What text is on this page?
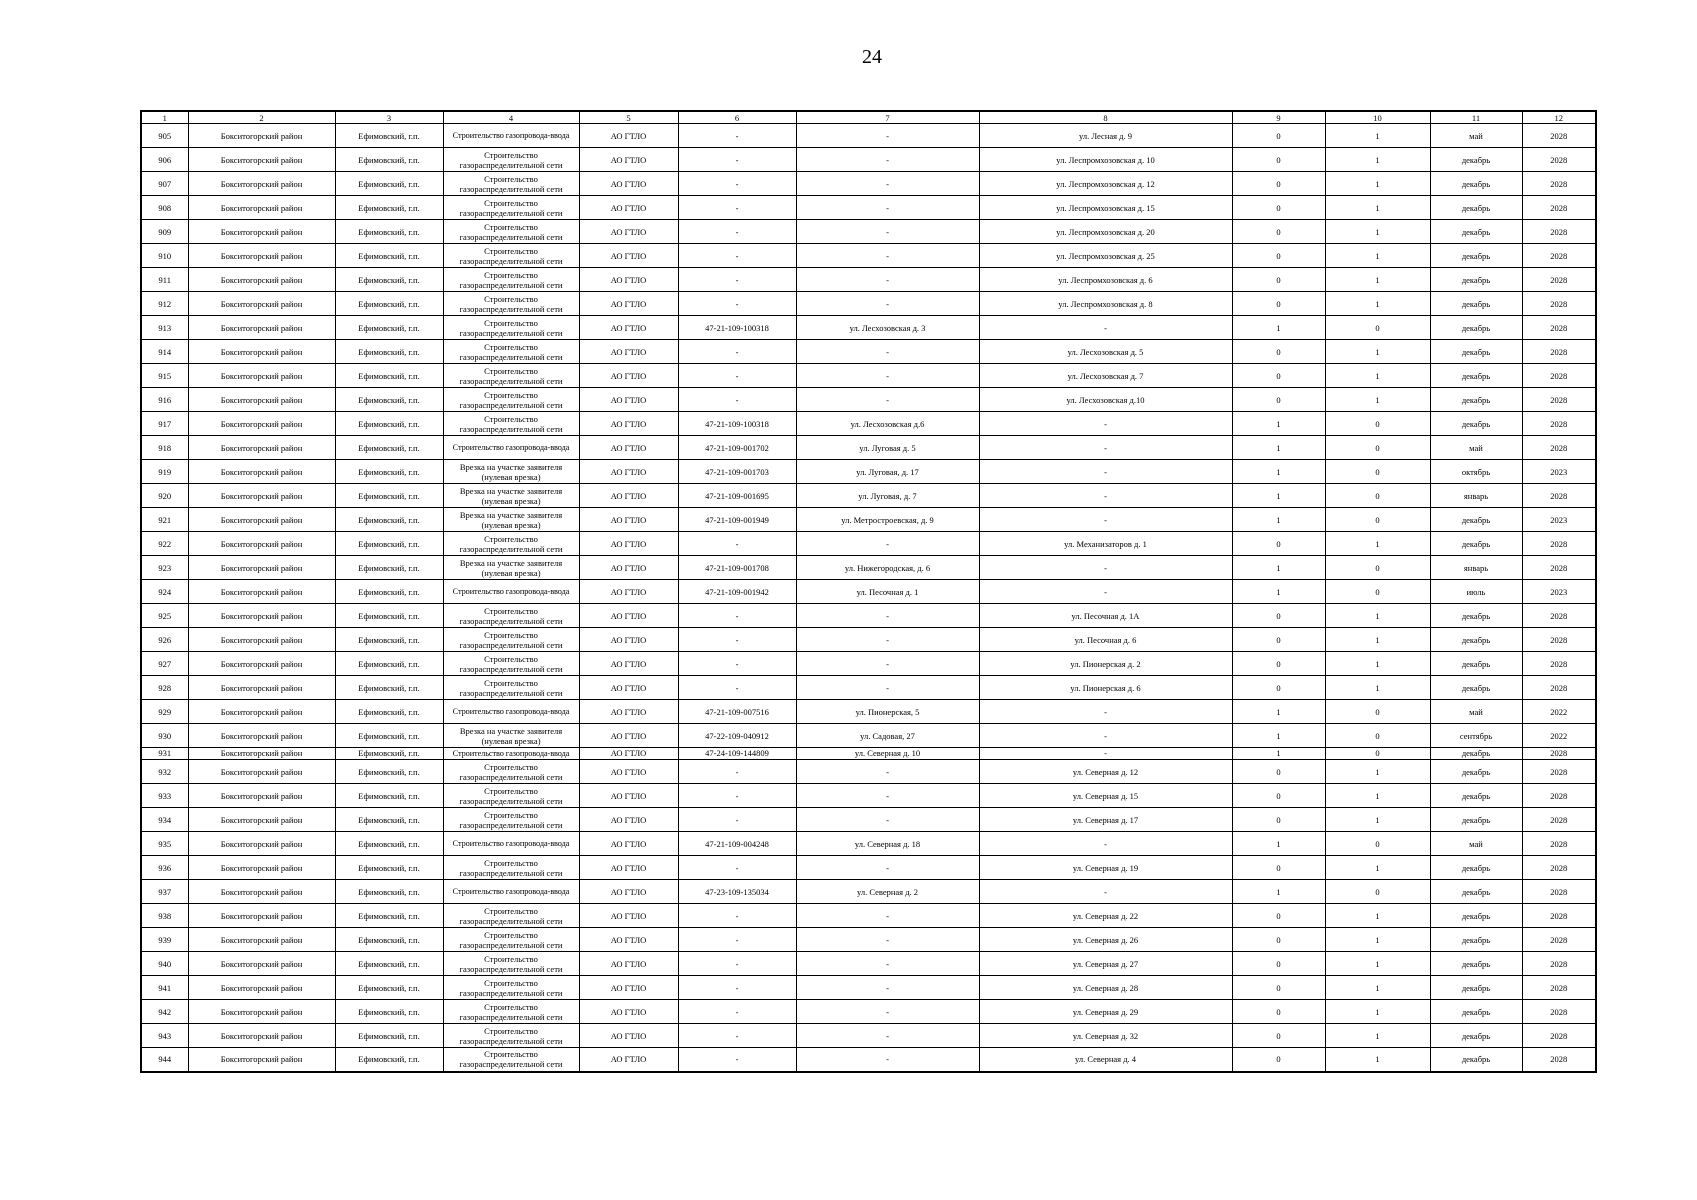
24
1	2	3	4	5	6	7	8	9	10	11	12
905	Бокситогорский район	Ефимовский, г.п.	Строительство газопровода-ввода	АО ГТЛО	-	-	ул. Лесная д. 9	0	1	май	2028
906	Бокситогорский район	Ефимовский, г.п.	Строительство газораспределительной сети	АО ГТЛО	-	-	ул. Леспромхозовская д. 10	0	1	декабрь	2028
907	Бокситогорский район	Ефимовский, г.п.	Строительство газораспределительной сети	АО ГТЛО	-	-	ул. Леспромхозовская д. 12	0	1	декабрь	2028
908	Бокситогорский район	Ефимовский, г.п.	Строительство газораспределительной сети	АО ГТЛО	-	-	ул. Леспромхозовская д. 15	0	1	декабрь	2028
909	Бокситогорский район	Ефимовский, г.п.	Строительство газораспределительной сети	АО ГТЛО	-	-	ул. Леспромхозовская д. 20	0	1	декабрь	2028
910	Бокситогорский район	Ефимовский, г.п.	Строительство газораспределительной сети	АО ГТЛО	-	-	ул. Леспромхозовская д. 25	0	1	декабрь	2028
911	Бокситогорский район	Ефимовский, г.п.	Строительство газораспределительной сети	АО ГТЛО	-	-	ул. Леспромхозовская д. 6	0	1	декабрь	2028
912	Бокситогорский район	Ефимовский, г.п.	Строительство газораспределительной сети	АО ГТЛО	-	-	ул. Леспромхозовская д. 8	0	1	декабрь	2028
913	Бокситогорский район	Ефимовский, г.п.	Строительство газораспределительной сети	АО ГТЛО	47-21-109-100318	ул. Лесхозовская д. 3	-	1	0	декабрь	2028
914	Бокситогорский район	Ефимовский, г.п.	Строительство газораспределительной сети	АО ГТЛО	-	-	ул. Лесхозовская д. 5	0	1	декабрь	2028
915	Бокситогорский район	Ефимовский, г.п.	Строительство газораспределительной сети	АО ГТЛО	-	-	ул. Лесхозовская д. 7	0	1	декабрь	2028
916	Бокситогорский район	Ефимовский, г.п.	Строительство газораспределительной сети	АО ГТЛО	-	-	ул. Лесхозовская д.10	0	1	декабрь	2028
917	Бокситогорский район	Ефимовский, г.п.	Строительство газораспределительной сети	АО ГТЛО	47-21-109-100318	ул. Лесхозовская д.6	-	1	0	декабрь	2028
918	Бокситогорский район	Ефимовский, г.п.	Строительство газопровода-ввода	АО ГТЛО	47-21-109-001702	ул. Луговая д. 5	-	1	0	май	2028
919	Бокситогорский район	Ефимовский, г.п.	Врезка на участке заявителя (нулевая врезка)	АО ГТЛО	47-21-109-001703	ул. Луговая, д. 17	-	1	0	октябрь	2023
920	Бокситогорский район	Ефимовский, г.п.	Врезка на участке заявителя (нулевая врезка)	АО ГТЛО	47-21-109-001695	ул. Луговая, д. 7	-	1	0	январь	2028
921	Бокситогорский район	Ефимовский, г.п.	Врезка на участке заявителя (нулевая врезка)	АО ГТЛО	47-21-109-001949	ул. Метростроевская, д. 9	-	1	0	декабрь	2023
922	Бокситогорский район	Ефимовский, г.п.	Строительство газораспределительной сети	АО ГТЛО	-	-	ул. Механизаторов д. 1	0	1	декабрь	2028
923	Бокситогорский район	Ефимовский, г.п.	Врезка на участке заявителя (нулевая врезка)	АО ГТЛО	47-21-109-001708	ул. Нижегородская, д. 6	-	1	0	январь	2028
924	Бокситогорский район	Ефимовский, г.п.	Строительство газопровода-ввода	АО ГТЛО	47-21-109-001942	ул. Песочная д. 1	-	1	0	июль	2023
925	Бокситогорский район	Ефимовский, г.п.	Строительство газораспределительной сети	АО ГТЛО	-	-	ул. Песочная д. 1А	0	1	декабрь	2028
926	Бокситогорский район	Ефимовский, г.п.	Строительство газораспределительной сети	АО ГТЛО	-	-	ул. Песочная д. 6	0	1	декабрь	2028
927	Бокситогорский район	Ефимовский, г.п.	Строительство газораспределительной сети	АО ГТЛО	-	-	ул. Пионерская д. 2	0	1	декабрь	2028
928	Бокситогорский район	Ефимовский, г.п.	Строительство газораспределительной сети	АО ГТЛО	-	-	ул. Пионерская д. 6	0	1	декабрь	2028
929	Бокситогорский район	Ефимовский, г.п.	Строительство газопровода-ввода	АО ГТЛО	47-21-109-007516	ул. Пионерская, 5	-	1	0	май	2022
930	Бокситогорский район	Ефимовский, г.п.	Врезка на участке заявителя (нулевая врезка)	АО ГТЛО	47-22-109-040912	ул. Садовая, 27	-	1	0	сентябрь	2022
931	Бокситогорский район	Ефимовский, г.п.	Строительство газопровода-ввода	АО ГТЛО	47-24-109-144809	ул. Северная д. 10	-	1	0	декабрь	2028
932	Бокситогорский район	Ефимовский, г.п.	Строительство газораспределительной сети	АО ГТЛО	-	-	ул. Северная д. 12	0	1	декабрь	2028
933	Бокситогорский район	Ефимовский, г.п.	Строительство газораспределительной сети	АО ГТЛО	-	-	ул. Северная д. 15	0	1	декабрь	2028
934	Бокситогорский район	Ефимовский, г.п.	Строительство газораспределительной сети	АО ГТЛО	-	-	ул. Северная д. 17	0	1	декабрь	2028
935	Бокситогорский район	Ефимовский, г.п.	Строительство газопровода-ввода	АО ГТЛО	47-21-109-004248	ул. Северная д. 18	-	1	0	май	2028
936	Бокситогорский район	Ефимовский, г.п.	Строительство газораспределительной сети	АО ГТЛО	-	-	ул. Северная д. 19	0	1	декабрь	2028
937	Бокситогорский район	Ефимовский, г.п.	Строительство газопровода-ввода	АО ГТЛО	47-23-109-135034	ул. Северная д. 2	-	1	0	декабрь	2028
938	Бокситогорский район	Ефимовский, г.п.	Строительство газораспределительной сети	АО ГТЛО	-	-	ул. Северная д. 22	0	1	декабрь	2028
939	Бокситогорский район	Ефимовский, г.п.	Строительство газораспределительной сети	АО ГТЛО	-	-	ул. Северная д. 26	0	1	декабрь	2028
940	Бокситогорский район	Ефимовский, г.п.	Строительство газораспределительной сети	АО ГТЛО	-	-	ул. Северная д. 27	0	1	декабрь	2028
941	Бокситогорский район	Ефимовский, г.п.	Строительство газораспределительной сети	АО ГТЛО	-	-	ул. Северная д. 28	0	1	декабрь	2028
942	Бокситогорский район	Ефимовский, г.п.	Строительство газораспределительной сети	АО ГТЛО	-	-	ул. Северная д. 29	0	1	декабрь	2028
943	Бокситогорский район	Ефимовский, г.п.	Строительство газораспределительной сети	АО ГТЛО	-	-	ул. Северная д. 32	0	1	декабрь	2028
944	Бокситогорский район	Ефимовский, г.п.	Строительство газораспределительной сети	АО ГТЛО	-	-	ул. Северная д. 4	0	1	декабрь	2028
